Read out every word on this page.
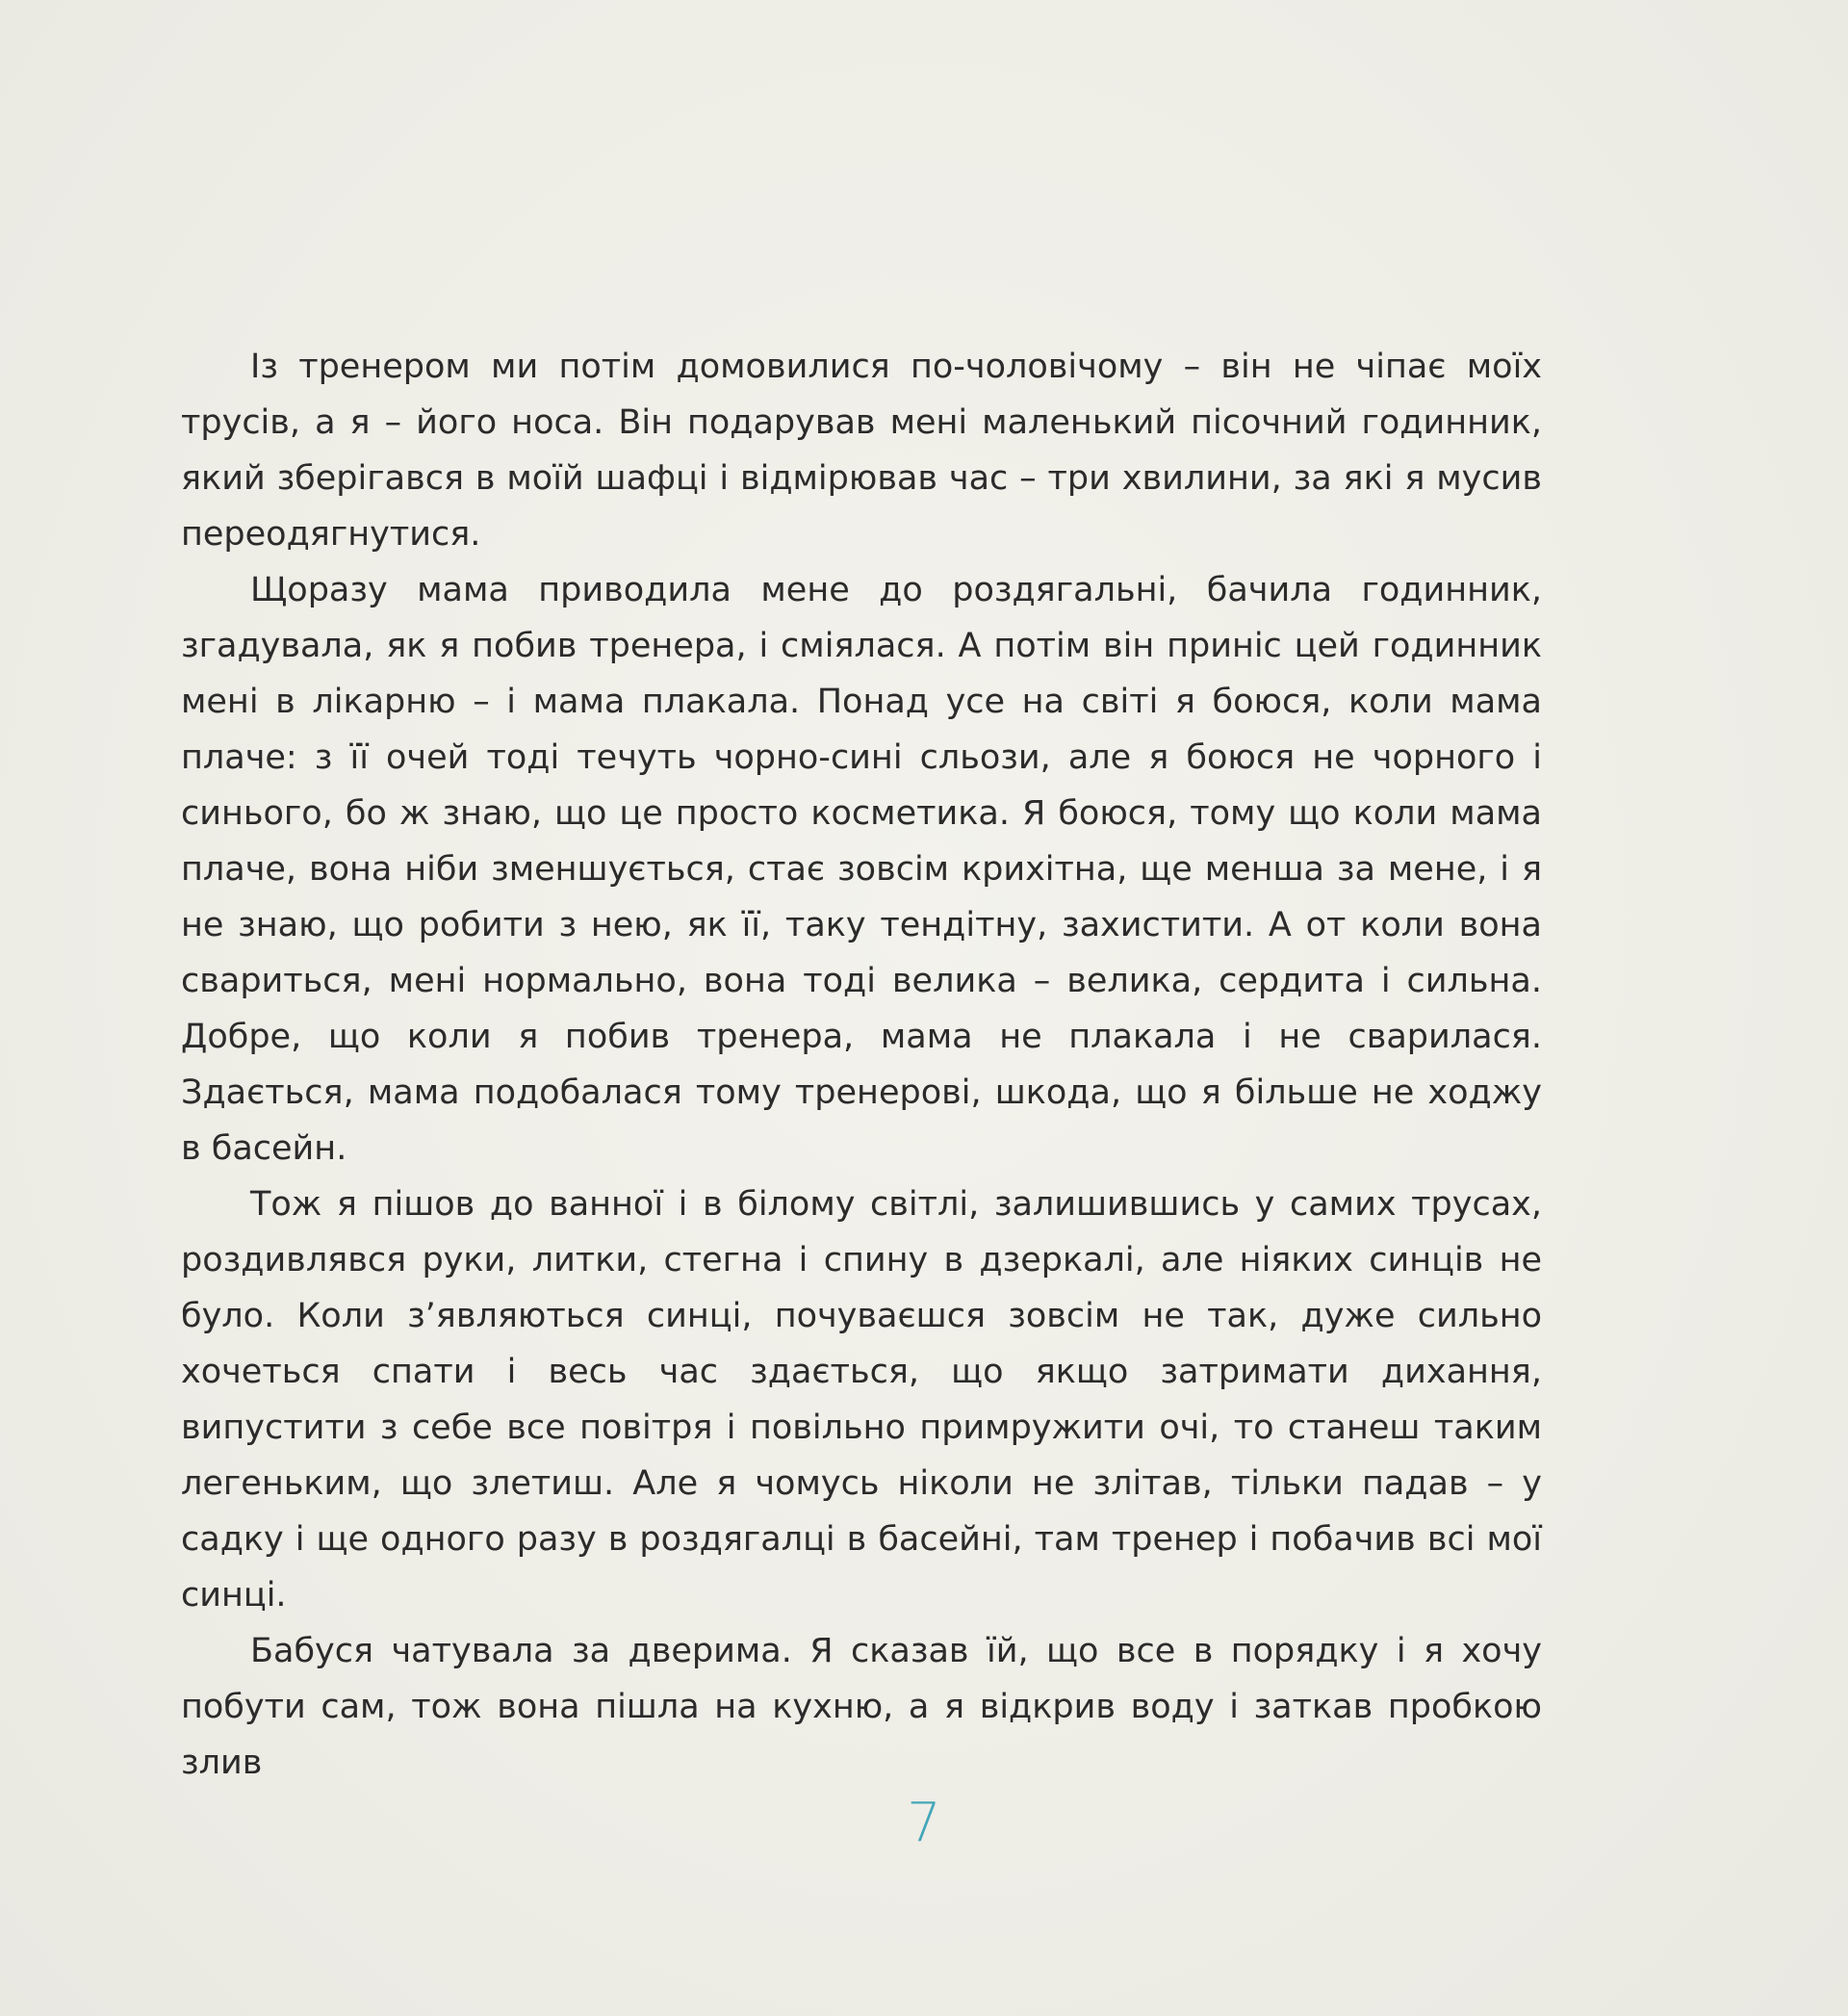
Із тренером ми потім домовилися по-чоловічому – він не чіпає моїх трусів, а я – його носа. Він подарував мені маленький пісочний годинник, який зберігався в моїй шафці і відмірював час – три хвилини, за які я мусив переодягнутися.

Щоразу мама приводила мене до роздягальні, бачила годинник, згадувала, як я побив тренера, і сміялася. А потім він приніс цей годинник мені в лікарню – і мама плакала. Понад усе на світі я боюся, коли мама плаче: з її очей тоді течуть чорно-сині сльози, але я боюся не чорного і синього, бо ж знаю, що це просто косметика. Я боюся, тому що коли мама плаче, вона ніби зменшується, стає зовсім крихітна, ще менша за мене, і я не знаю, що робити з нею, як її, таку тендітну, захистити. А от коли вона свариться, мені нормально, вона тоді велика – велика, сердита і сильна. Добре, що коли я побив тренера, мама не плакала і не сварилася. Здається, мама подобалася тому тренерові, шкода, що я більше не ходжу в басейн.

Тож я пішов до ванної і в білому світлі, залишившись у самих трусах, роздивлявся руки, литки, стегна і спину в дзеркалі, але ніяких синців не було. Коли з’являються синці, почуваєшся зовсім не так, дуже сильно хочеться спати і весь час здається, що якщо затримати дихання, випустити з себе все повітря і повільно примружити очі, то станеш таким легеньким, що злетиш. Але я чомусь ніколи не злітав, тільки падав – у садку і ще одного разу в роздягалці в басейні, там тренер і побачив всі мої синці.

Бабуся чатувала за дверима. Я сказав їй, що все в порядку і я хочу побути сам, тож вона пішла на кухню, а я відкрив воду і заткав пробкою злив

7
